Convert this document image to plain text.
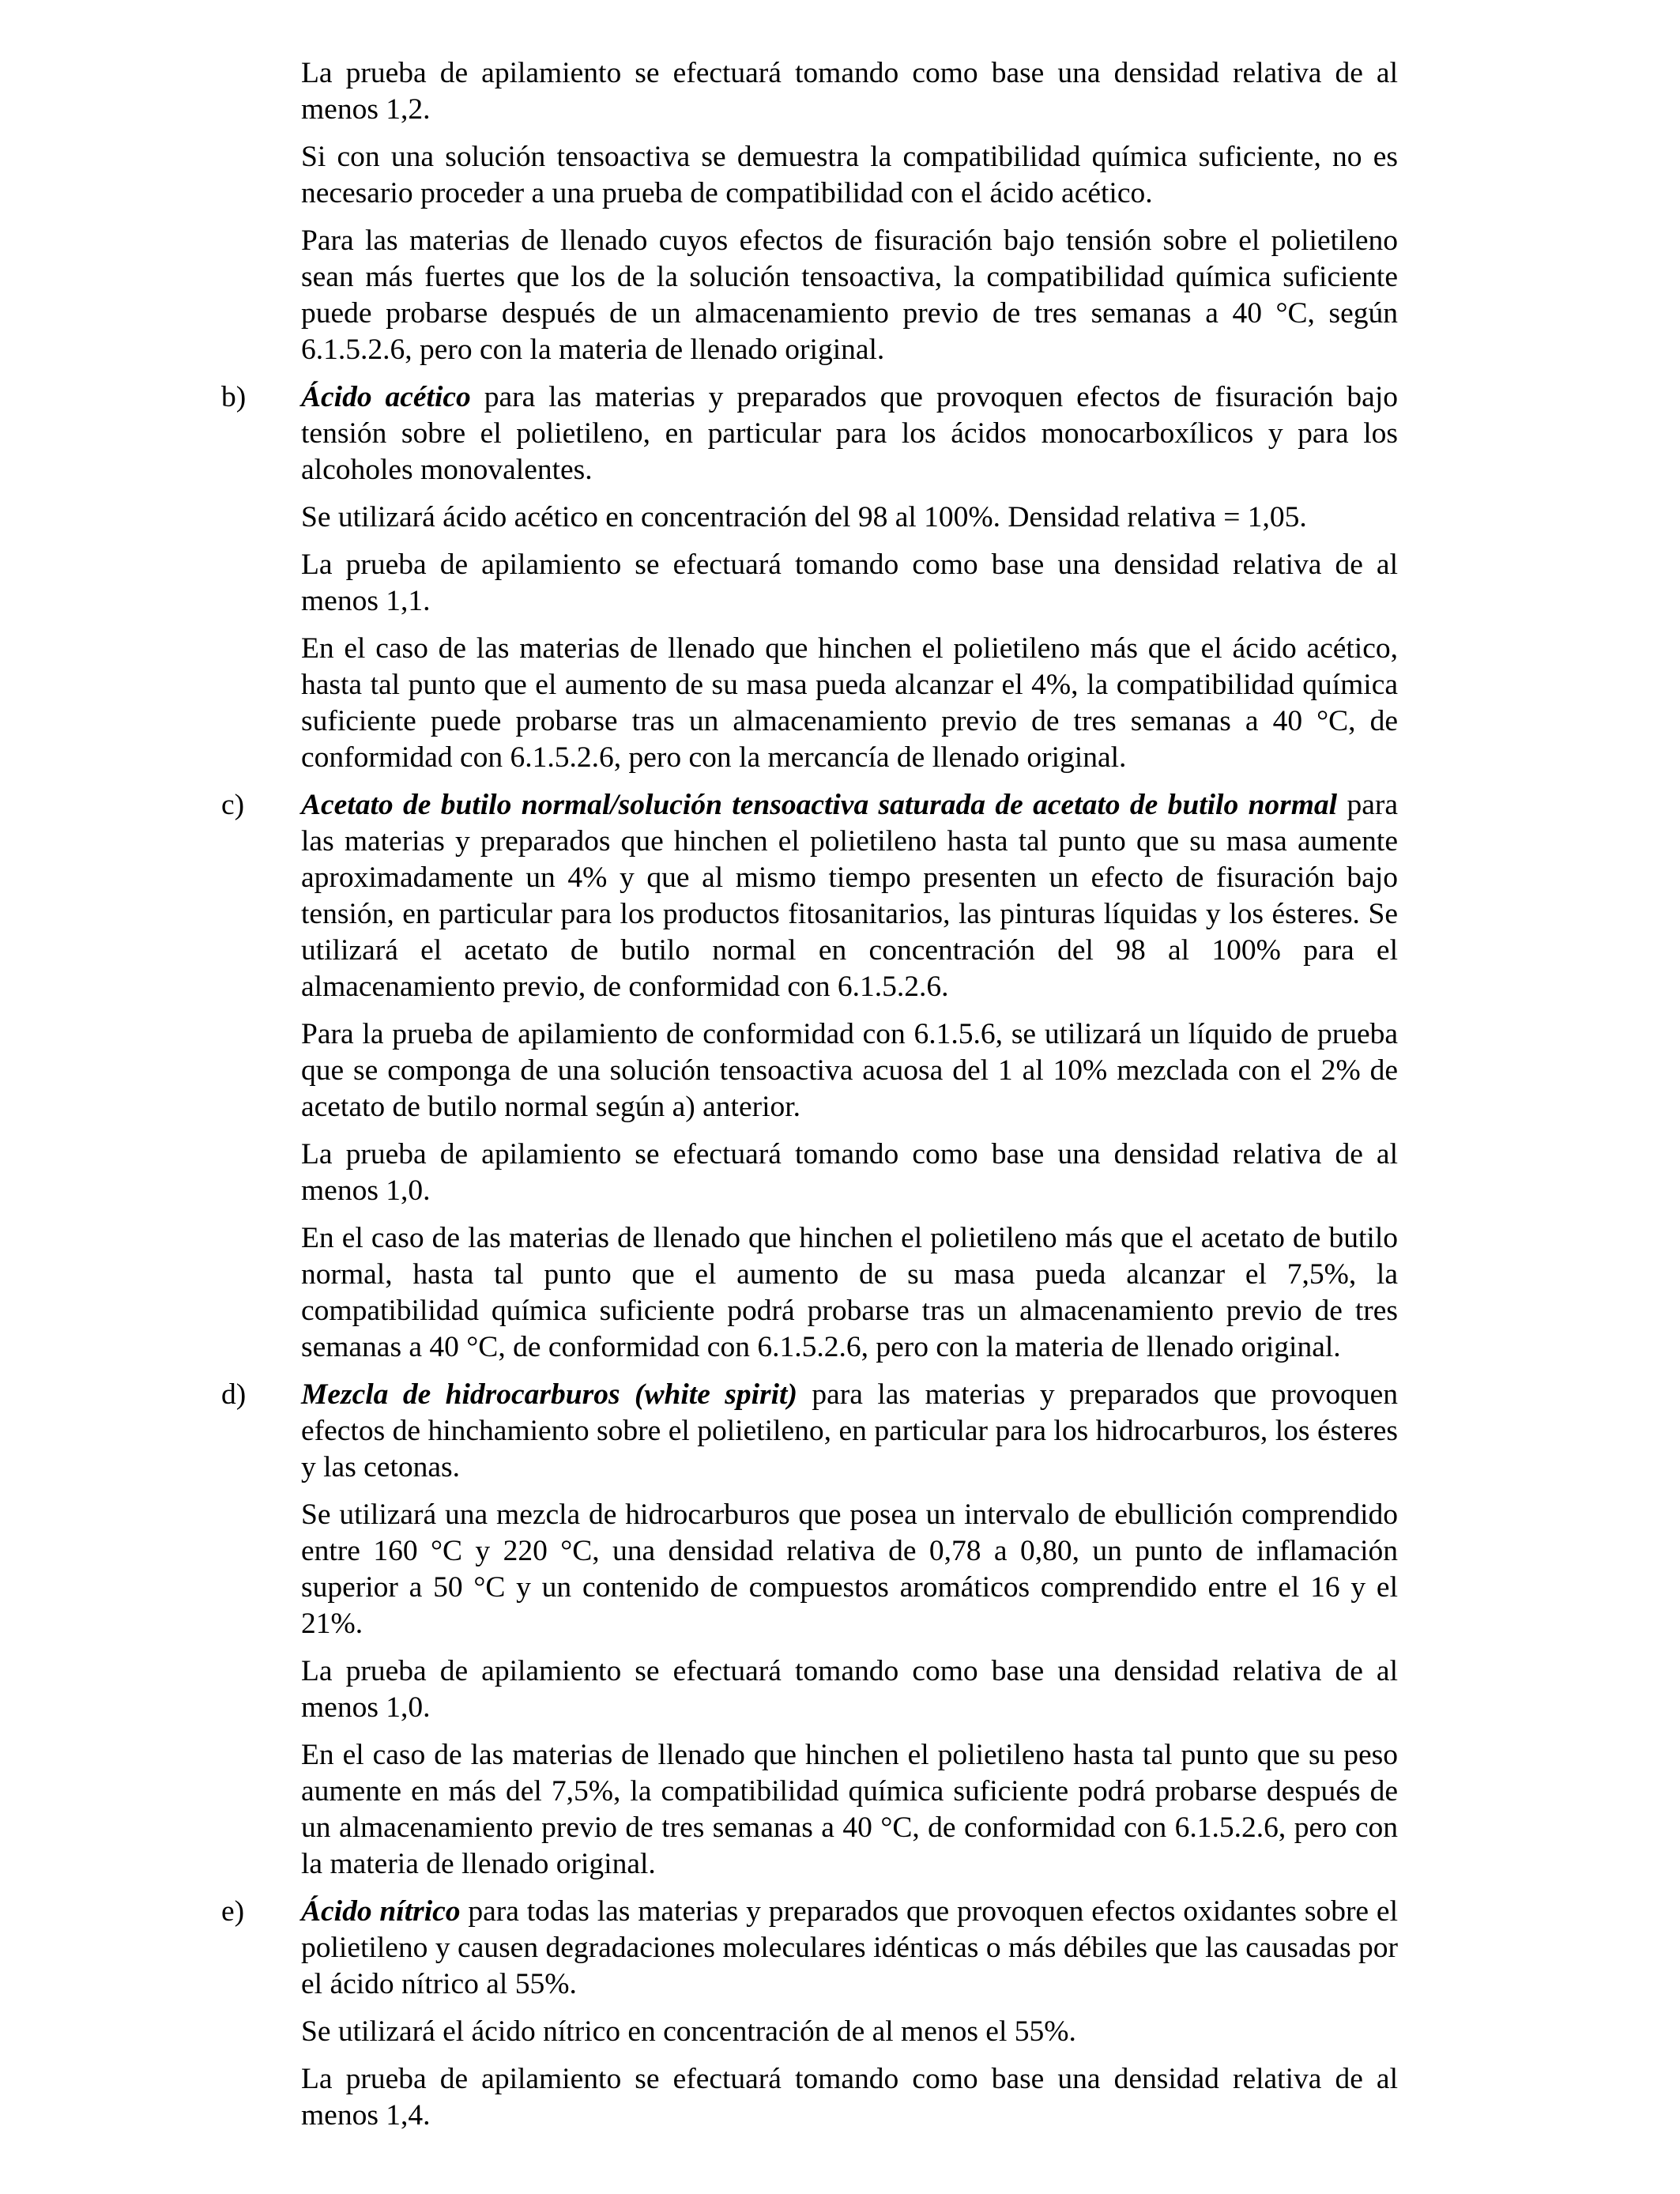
La prueba de apilamiento se efectuará tomando como base una densidad relativa de al menos 1,2.

Si con una solución tensoactiva se demuestra la compatibilidad química suficiente, no es necesario proceder a una prueba de compatibilidad con el ácido acético.

Para las materias de llenado cuyos efectos de fisuración bajo tensión sobre el polietileno sean más fuertes que los de la solución tensoactiva, la compatibilidad química suficiente puede probarse después de un almacenamiento previo de tres semanas a 40 °C, según 6.1.5.2.6, pero con la materia de llenado original.

b) Ácido acético para las materias y preparados que provoquen efectos de fisuración bajo tensión sobre el polietileno, en particular para los ácidos monocarboxílicos y para los alcoholes monovalentes.

Se utilizará ácido acético en concentración del 98 al 100%. Densidad relativa = 1,05.

La prueba de apilamiento se efectuará tomando como base una densidad relativa de al menos 1,1.

En el caso de las materias de llenado que hinchen el polietileno más que el ácido acético, hasta tal punto que el aumento de su masa pueda alcanzar el 4%, la compatibilidad química suficiente puede probarse tras un almacenamiento previo de tres semanas a 40 °C, de conformidad con 6.1.5.2.6, pero con la mercancía de llenado original.

c) Acetato de butilo normal/solución tensoactiva saturada de acetato de butilo normal para las materias y preparados que hinchen el polietileno hasta tal punto que su masa aumente aproximadamente un 4% y que al mismo tiempo presenten un efecto de fisuración bajo tensión, en particular para los productos fitosanitarios, las pinturas líquidas y los ésteres. Se utilizará el acetato de butilo normal en concentración del 98 al 100% para el almacenamiento previo, de conformidad con 6.1.5.2.6.

Para la prueba de apilamiento de conformidad con 6.1.5.6, se utilizará un líquido de prueba que se componga de una solución tensoactiva acuosa del 1 al 10% mezclada con el 2% de acetato de butilo normal según a) anterior.

La prueba de apilamiento se efectuará tomando como base una densidad relativa de al menos 1,0.

En el caso de las materias de llenado que hinchen el polietileno más que el acetato de butilo normal, hasta tal punto que el aumento de su masa pueda alcanzar el 7,5%, la compatibilidad química suficiente podrá probarse tras un almacenamiento previo de tres semanas a 40 °C, de conformidad con 6.1.5.2.6, pero con la materia de llenado original.

d) Mezcla de hidrocarburos (white spirit) para las materias y preparados que provoquen efectos de hinchamiento sobre el polietileno, en particular para los hidrocarburos, los ésteres y las cetonas.

Se utilizará una mezcla de hidrocarburos que posea un intervalo de ebullición comprendido entre 160 °C y 220 °C, una densidad relativa de 0,78 a 0,80, un punto de inflamación superior a 50 °C y un contenido de compuestos aromáticos comprendido entre el 16 y el 21%.

La prueba de apilamiento se efectuará tomando como base una densidad relativa de al menos 1,0.

En el caso de las materias de llenado que hinchen el polietileno hasta tal punto que su peso aumente en más del 7,5%, la compatibilidad química suficiente podrá probarse después de un almacenamiento previo de tres semanas a 40 °C, de conformidad con 6.1.5.2.6, pero con la materia de llenado original.

e) Ácido nítrico para todas las materias y preparados que provoquen efectos oxidantes sobre el polietileno y causen degradaciones moleculares idénticas o más débiles que las causadas por el ácido nítrico al 55%.

Se utilizará el ácido nítrico en concentración de al menos el 55%.

La prueba de apilamiento se efectuará tomando como base una densidad relativa de al menos 1,4.
